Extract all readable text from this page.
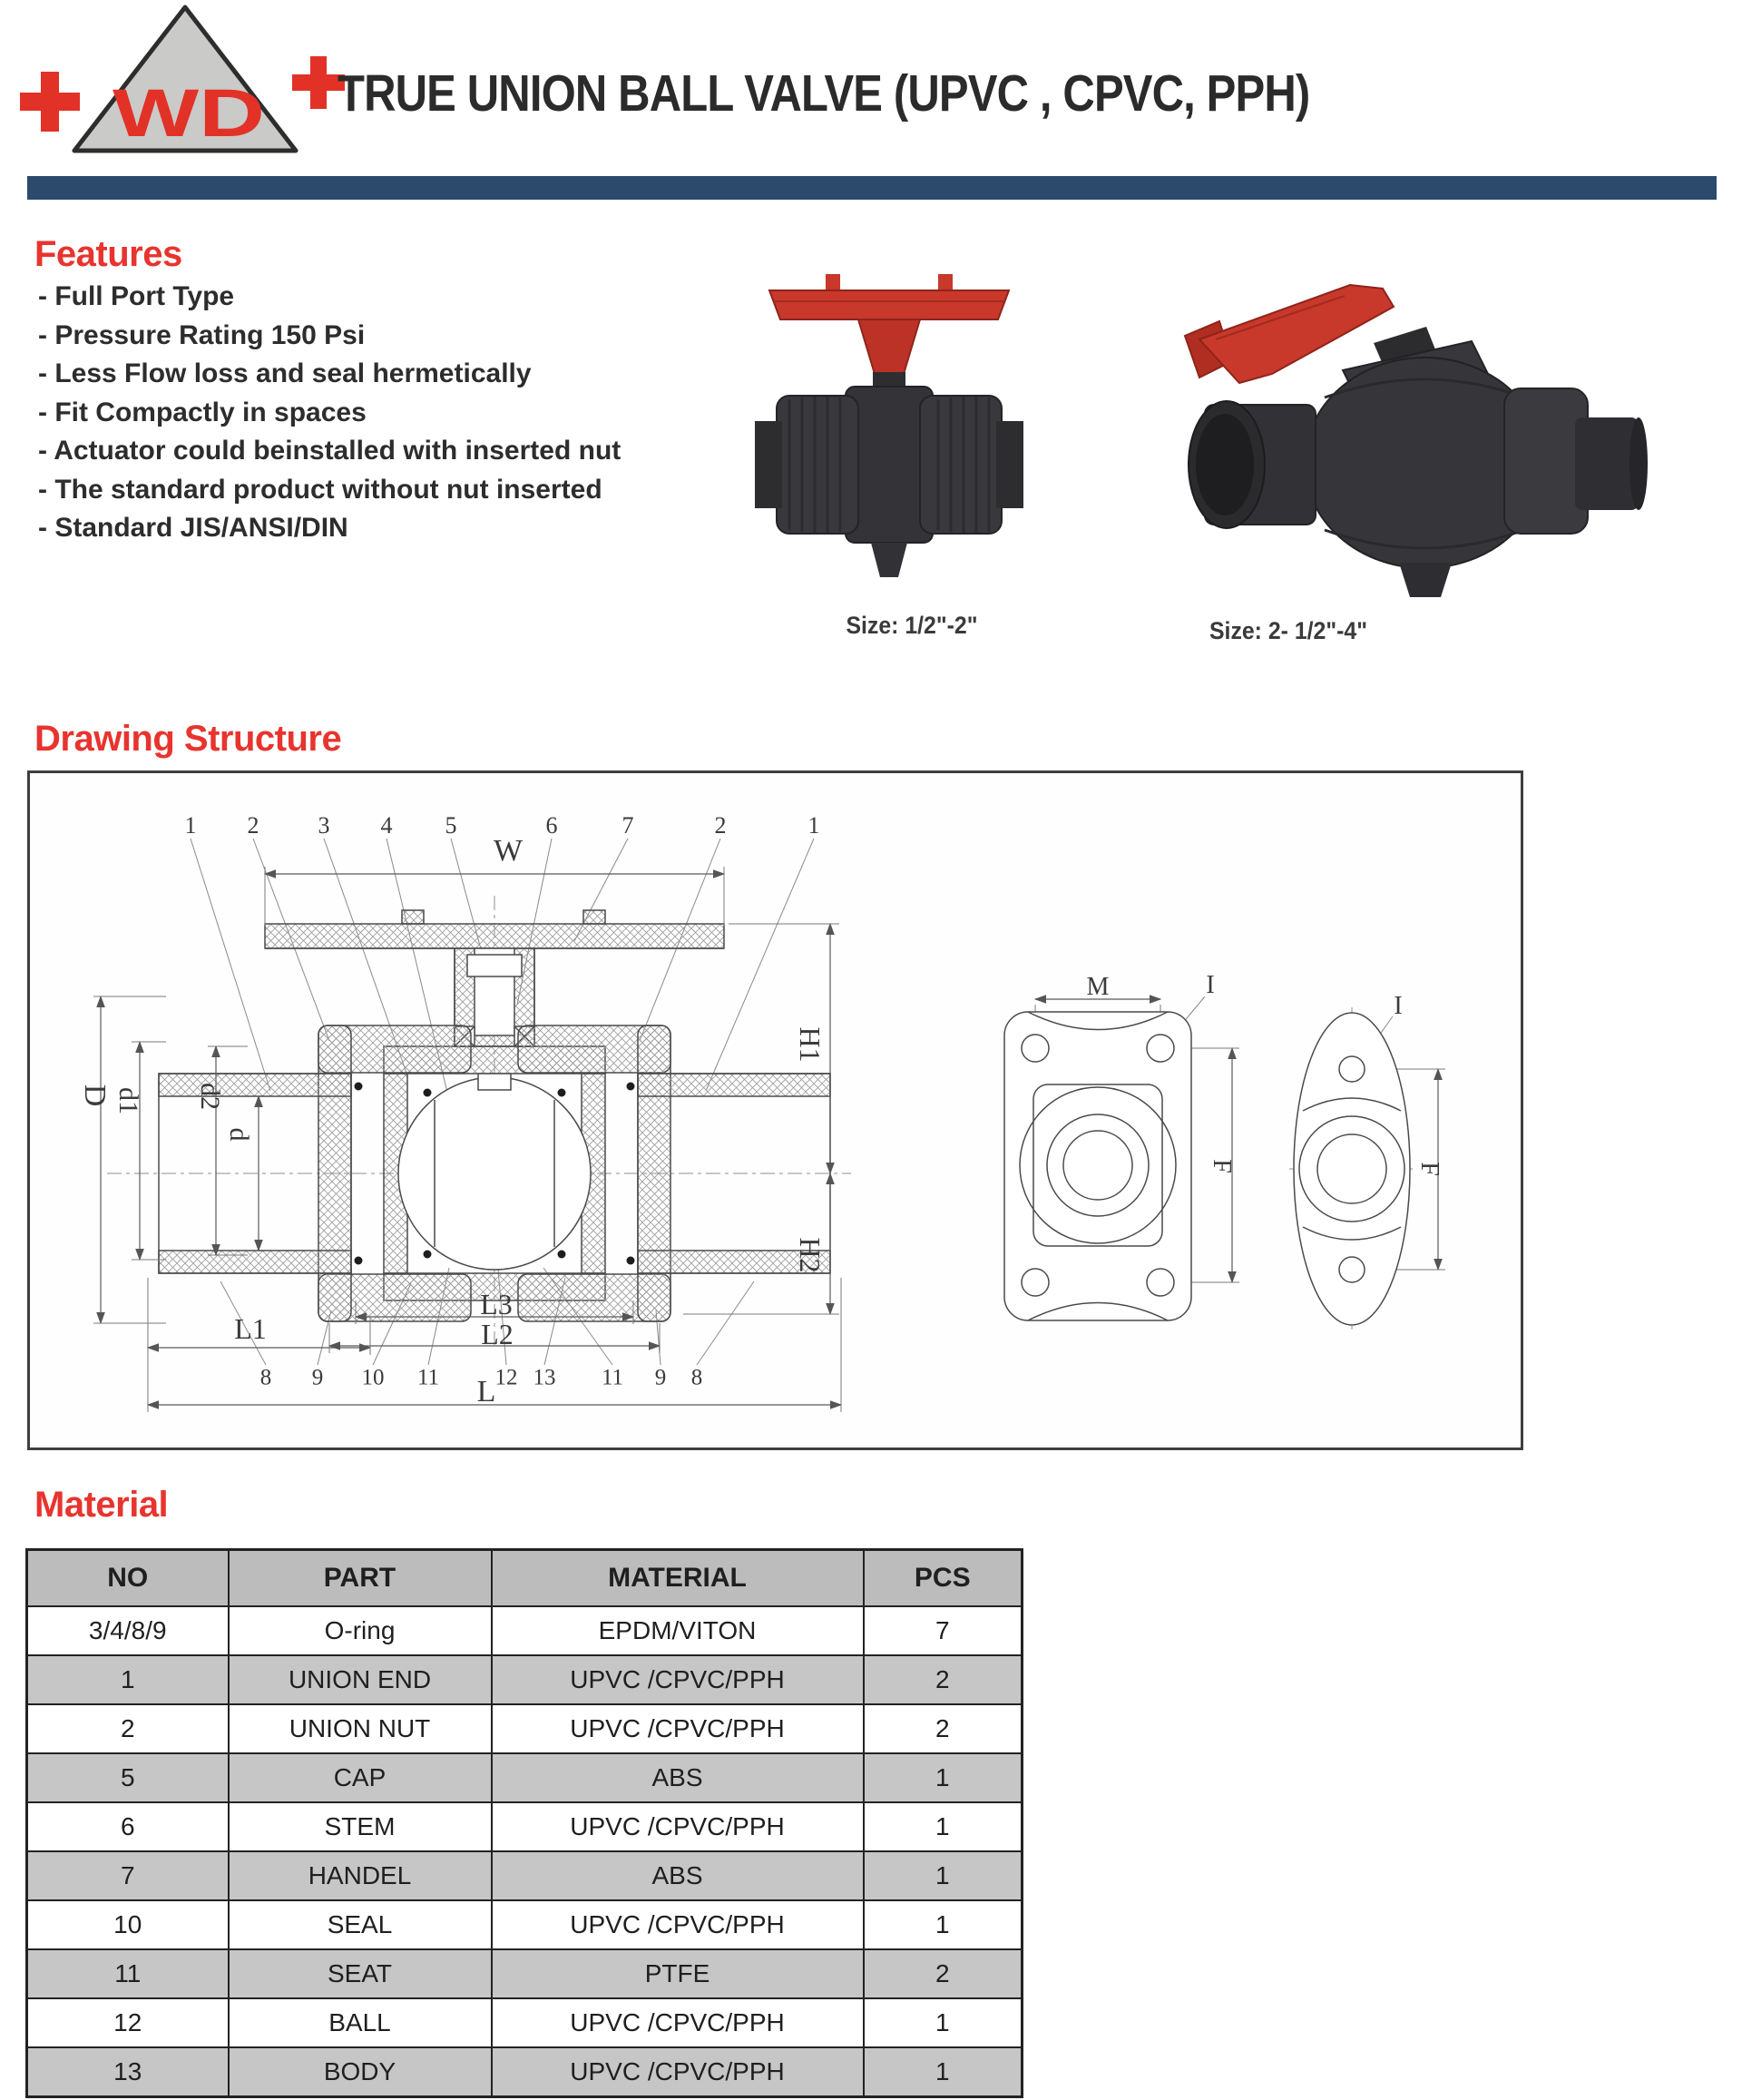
WD TRUE UNION BALL VALVE (UPVC , CPVC, PPH)
Features
- Full Port Type
- Pressure Rating 150 Psi
- Less Flow loss and seal hermetically
- Fit Compactly in spaces
- Actuator could beinstalled with inserted nut
- The standard product without nut inserted
- Standard JIS/ANSI/DIN
Size: 1/2"-2"	Size: 2- 1/2"-4"
Drawing Structure
1 2	3 4 5
W
6	7	2	1
D d1 d2
d
H1
H2
L1
L3
L2
L
8 9 10 11 12 13 11 9 8
M	I
F
I
F
Material
NO	PART	MATERIAL	PCS
3/4/8/9	O-ring	EPDM/VITON	7
1	UNION END	UPVC /CPVC/PPH	2
2	UNION NUT	UPVC /CPVC/PPH	2
5	CAP	ABS	1
6	STEM	UPVC /CPVC/PPH	1
7	HANDEL	ABS	1
10	SEAL	UPVC /CPVC/PPH	1
11	SEAT	PTFE	2
12	BALL	UPVC /CPVC/PPH	1
13	BODY	UPVC /CPVC/PPH	1
